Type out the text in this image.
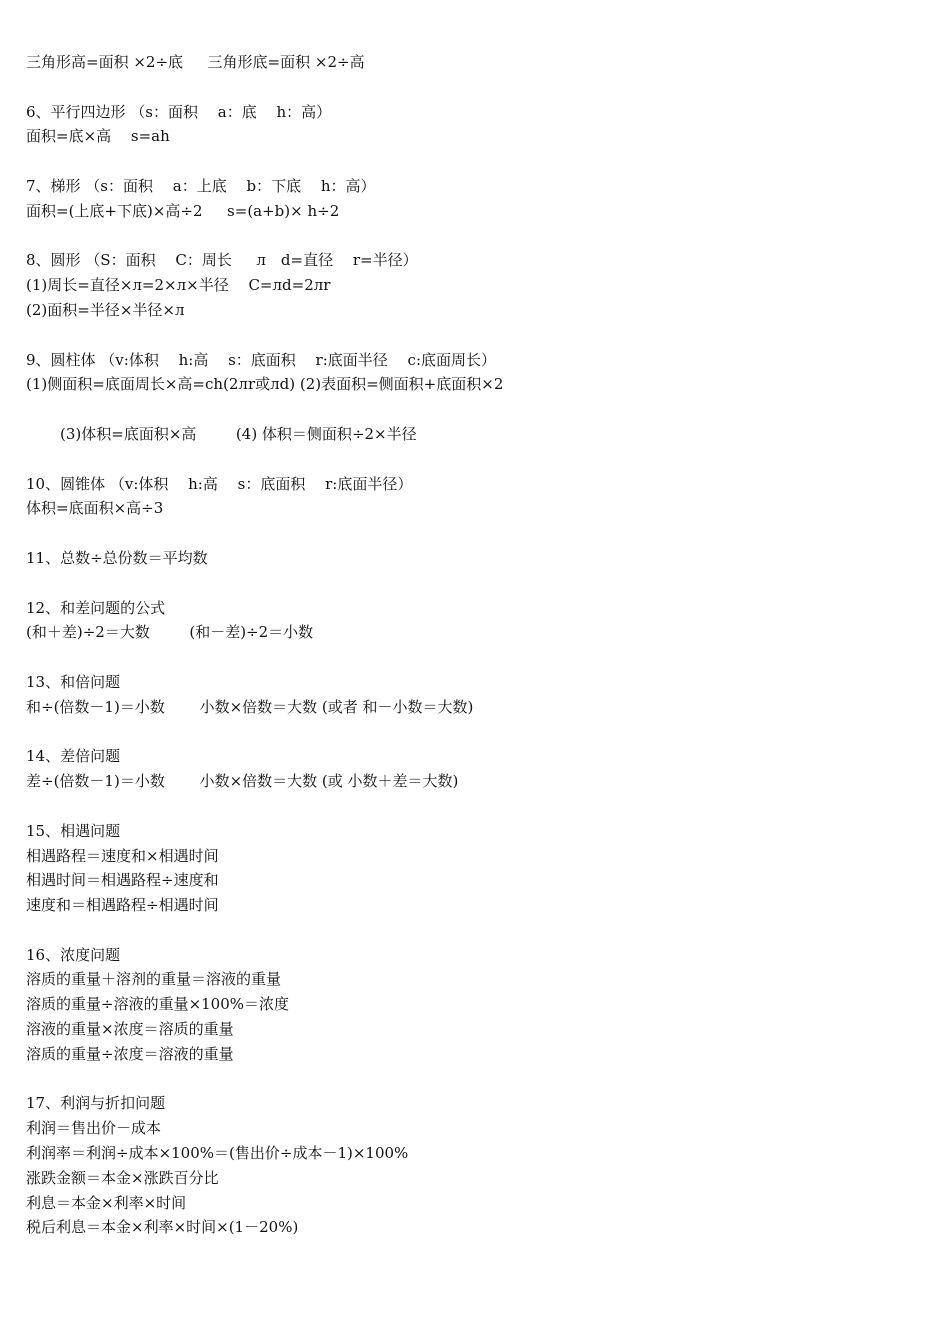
三角形高=面积 ×2÷底　  三角形底=面积 ×2÷高
6、平行四边形 （s：面积　 a：底　 h：高）
面积=底×高　 s=ah
7、梯形 （s：面积　 a：上底　 b：下底　 h：高）
面积=(上底+下底)×高÷2　  s=(a+b)× h÷2
8、圆形 （S：面积　 C：周长　  л　d=直径　 r=半径）
(1)周长=直径×л=2×л×半径　 C=лd=2лr
(2)面积=半径×半径×л
9、圆柱体 （v:体积　 h:高　 s：底面积　 r:底面半径　 c:底面周长）
(1)侧面积=底面周长×高=ch(2лr或лd) (2)表面积=侧面积+底面积×2
(3)体积=底面积×高　　  (4) 体积＝侧面积÷2×半径
10、圆锥体 （v:体积　 h:高　 s：底面积　 r:底面半径）
体积=底面积×高÷3
11、总数÷总份数＝平均数
12、和差问题的公式
(和＋差)÷2＝大数　　  (和－差)÷2＝小数
13、和倍问题
和÷(倍数－1)＝小数　　 小数×倍数＝大数 (或者 和－小数＝大数)
14、差倍问题
差÷(倍数－1)＝小数　　 小数×倍数＝大数 (或 小数＋差＝大数)
15、相遇问题
相遇路程＝速度和×相遇时间
相遇时间＝相遇路程÷速度和
速度和＝相遇路程÷相遇时间
16、浓度问题
溶质的重量＋溶剂的重量＝溶液的重量
溶质的重量÷溶液的重量×100%＝浓度
溶液的重量×浓度＝溶质的重量
溶质的重量÷浓度＝溶液的重量
17、利润与折扣问题
利润＝售出价－成本
利润率＝利润÷成本×100%＝(售出价÷成本－1)×100%
涨跌金额＝本金×涨跌百分比
利息＝本金×利率×时间
税后利息＝本金×利率×时间×(1－20%)
